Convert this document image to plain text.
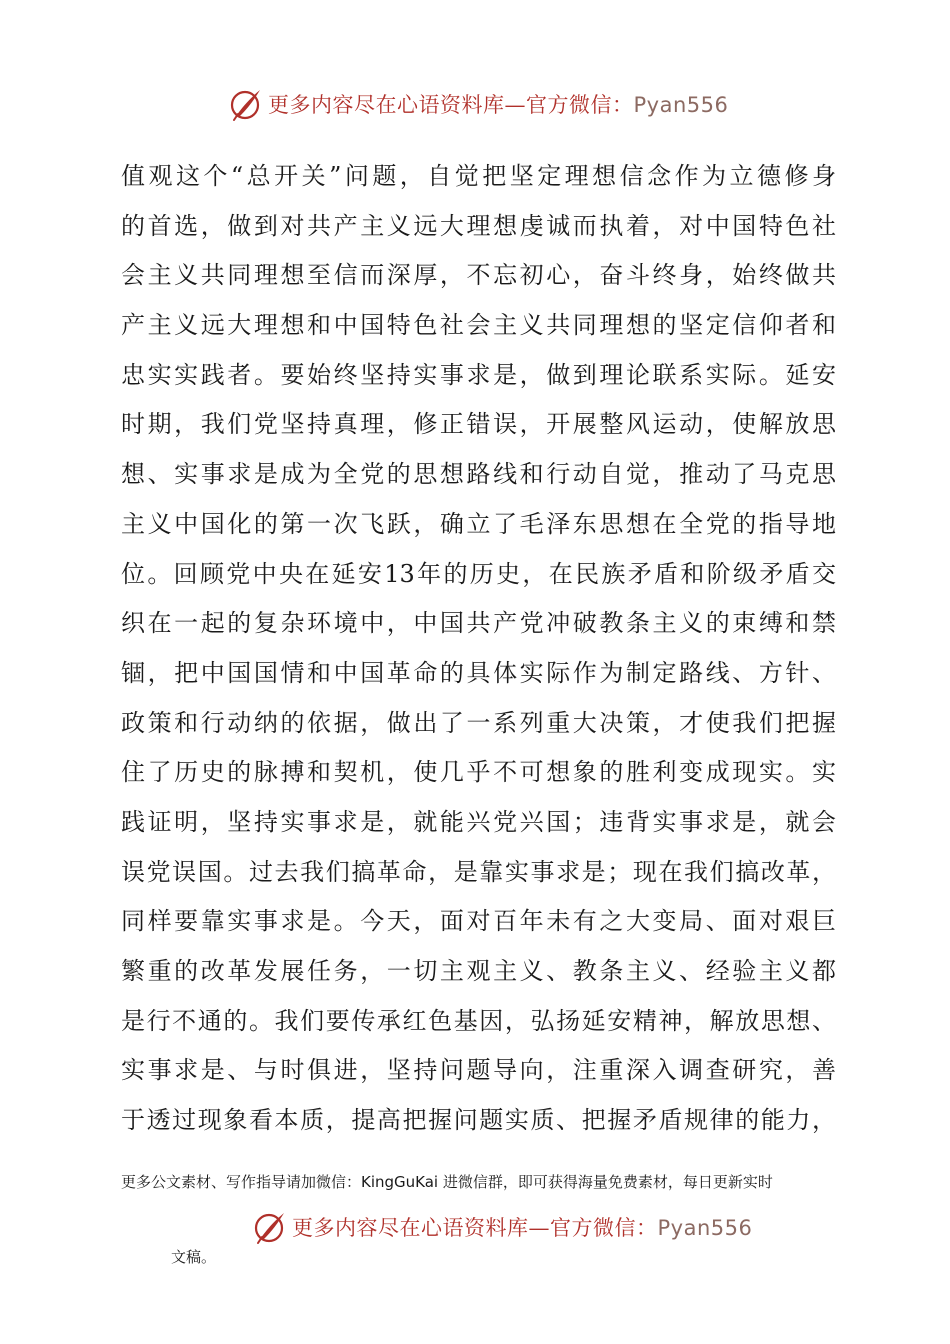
更多内容尽在心语资料库—官方微信：Pyan556
值观这个“总开关”问题，自觉把坚定理想信念作为立德修身
的首选，做到对共产主义远大理想虔诚而执着，对中国特色社
会主义共同理想至信而深厚，不忘初心，奋斗终身，始终做共
产主义远大理想和中国特色社会主义共同理想的坚定信仰者和
忠实实践者。要始终坚持实事求是，做到理论联系实际。延安
时期，我们党坚持真理，修正错误，开展整风运动，使解放思
想、实事求是成为全党的思想路线和行动自觉，推动了马克思
主义中国化的第一次飞跃，确立了毛泽东思想在全党的指导地
位。回顾党中央在延安13年的历史，在民族矛盾和阶级矛盾交
织在一起的复杂环境中，中国共产党冲破教条主义的束缚和禁
锢，把中国国情和中国革命的具体实际作为制定路线、方针、
政策和行动纳的依据，做出了一系列重大决策，才使我们把握
住了历史的脉搏和契机，使几乎不可想象的胜利变成现实。实
践证明，坚持实事求是，就能兴党兴国；违背实事求是，就会
误党误国。过去我们搞革命，是靠实事求是；现在我们搞改革，
同样要靠实事求是。今天，面对百年未有之大变局、面对艰巨
繁重的改革发展任务，一切主观主义、教条主义、经验主义都
是行不通的。我们要传承红色基因，弘扬延安精神，解放思想、
实事求是、与时俱进，坚持问题导向，注重深入调查研究，善
于透过现象看本质，提高把握问题实质、把握矛盾规律的能力，
更多公文素材、写作指导请加微信：KingGuKai 进微信群，即可获得海量免费素材，每日更新实时
更多内容尽在心语资料库—官方微信：Pyan556
文稿。
